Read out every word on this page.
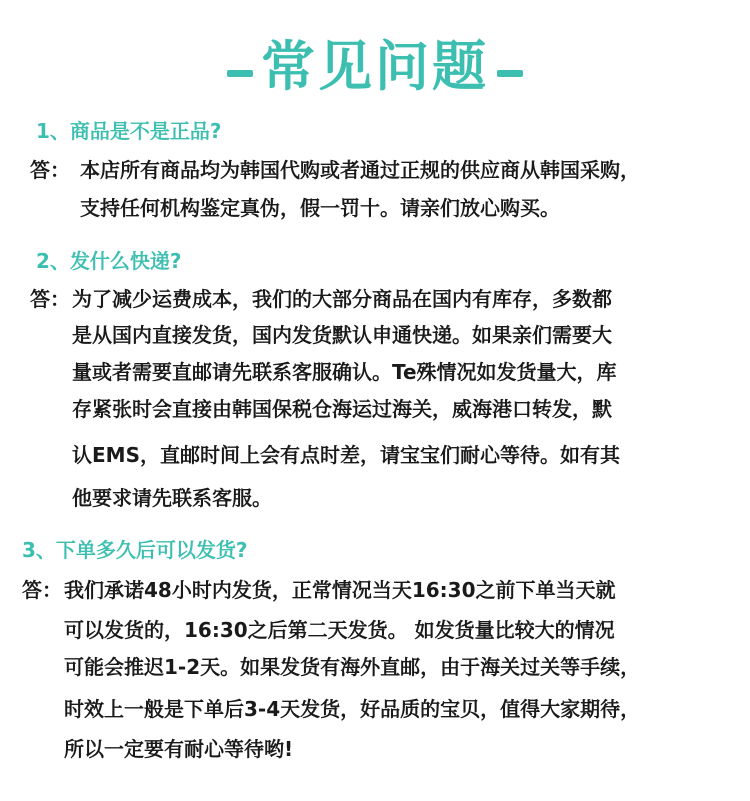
常见问题
1、商品是不是正品?
答： 本店所有商品均为韩国代购或者通过正规的供应商从韩国采购，
支持任何机构鉴定真伪，假一罚十。请亲们放心购买。
2、发什么快递?
答： 为了减少运费成本，我们的大部分商品在国内有库存，多数都
是从国内直接发货，国内发货默认申通快递。如果亲们需要大
量或者需要直邮请先联系客服确认。Te殊情况如发货量大，库
存紧张时会直接由韩国保税仓海运过海关，威海港口转发，默
认EMS，直邮时间上会有点时差，请宝宝们耐心等待。如有其
他要求请先联系客服。
3、下单多久后可以发货?
答： 我们承诺48小时内发货，正常情况当天16:30之前下单当天就
可以发货的，16:30之后第二天发货。 如发货量比较大的情况
可能会推迟1-2天。如果发货有海外直邮，由于海关过关等手续，
时效上一般是下单后3-4天发货，好品质的宝贝，值得大家期待，
所以一定要有耐心等待哟!
